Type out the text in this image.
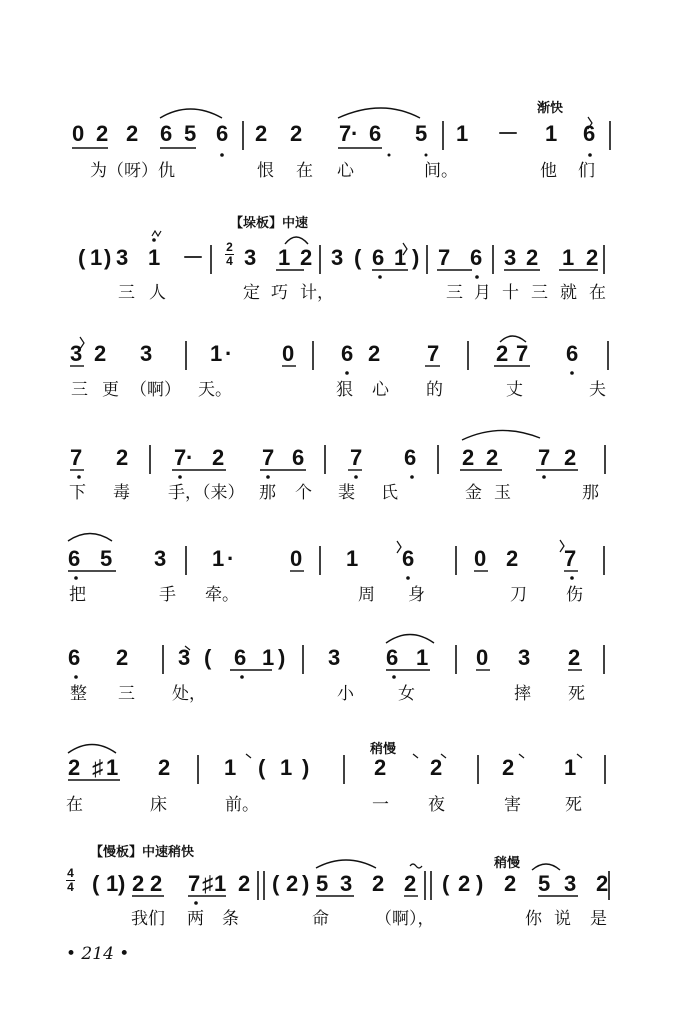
渐快
0 2 2 6 5 6 2 2 7 · 6 5 1 － 1 6
为（呀）仇	恨 在 心	间。	他 们
【垛板】中速
( 1 ) 3 1 － 3 1 2 3 ( 6 1 ) 7 6 3 2 1 2
2
4
三 人	定 巧 计，	三 月 十 三 就 在
3 2 3	1 · 0 6 2 7	2 7 6
三 更 （啊） 天。	狠 心 的	丈	夫
7 2 7 · 2 7 6 7 6 2 2 7 2
下 毒 手，（来） 那 个 裴 氏	金 玉	那
6 5 3 1 ·	0 1 6	0 2 7
把	手 牵。	周 身	刀 伤
6 2 3 ( 6 1 ) 3 6 1 0 3 2
整 三 处，	小	女	摔 死
稍慢
2 ♯ 1 2 1 ( 1 )	2 2	2 1
在	床	前。	一 夜	害	死
【慢板】中速稍快
稍慢
4
4 ( 1 ) 2 2 7 ♯ 1 2 ( 2 ) 5 3 2 2 ( 2 ) 2 5 3 2
我们 两 条	命	（啊），	你 说 是
• 214 •
